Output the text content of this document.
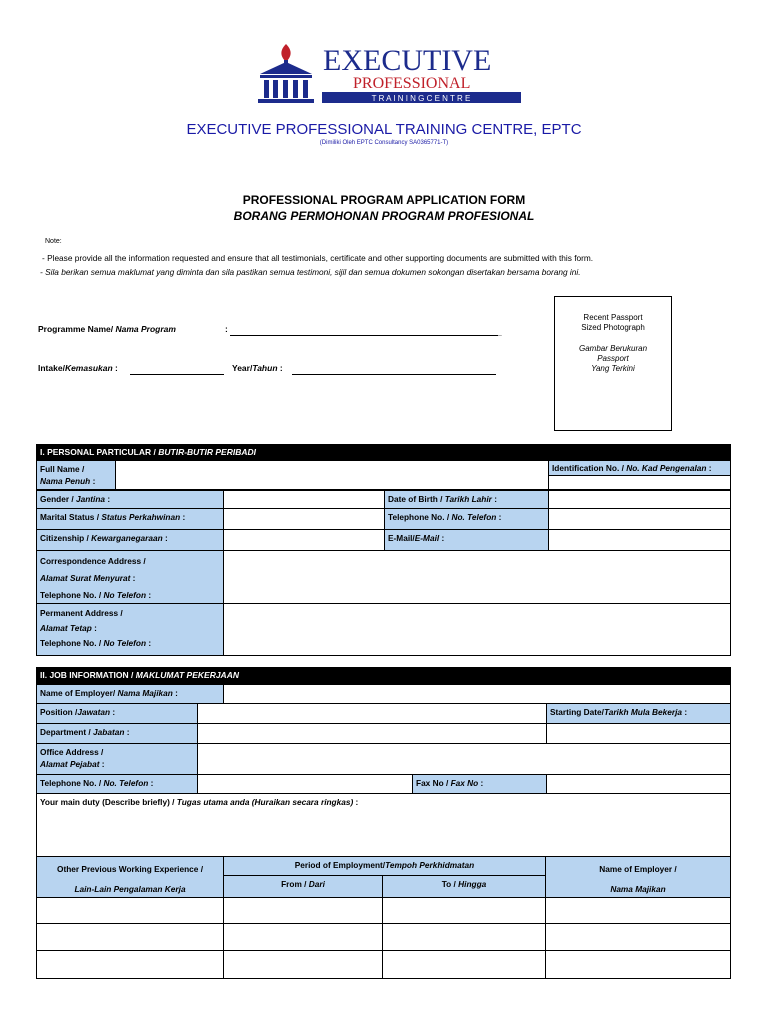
EXECUTIVE
PROFESSIONAL
T R A I N I N G C E N T R E
EXECUTIVE PROFESSIONAL TRAINING CENTRE, EPTC
(Dimiliki Oleh EPTC Consultancy SA0365771-T)
PROFESSIONAL PROGRAM APPLICATION FORM
BORANG PERMOHONAN PROGRAM PROFESIONAL
Note:
- Please provide all the information requested and ensure that all testimonials, certificate and other supporting documents are submitted with this form.
- Sila berikan semua maklumat yang diminta dan sila pastikan semua testimoni, sijil dan semua dokumen sokongan disertakan bersama borang ini.
Programme Name/ Nama Program	:	_
Intake/Kemasukan :	Year/Tahun :
Recent Passport
Sized Photograph
Gambar Berukuran
Passport
Yang Terkini
I. PERSONAL PARTICULAR / BUTIR-BUTIR PERIBADI
Full Name /
Nama Penuh :
Identification No. / No. Kad Pengenalan :
Gender / Jantina :	Date of Birth / Tarikh Lahir :
Marital Status / Status Perkahwinan :	Telephone No. / No. Telefon :
Citizenship / Kewarganegaraan :	E-Mail/E-Mail :
Correspondence Address /
Alamat Surat Menyurat :
Telephone No. / No Telefon :
Permanent Address /
Alamat Tetap :
Telephone No. / No Telefon :
II. JOB INFORMATION / MAKLUMAT PEKERJAAN
Name of Employer/ Nama Majikan :
Position /Jawatan :	Starting Date/Tarikh Mula Bekerja :
Department / Jabatan :
Office Address /
Alamat Pejabat :
Telephone No. / No. Telefon :	Fax No / Fax No :
Your main duty (Describe briefly) / Tugas utama anda (Huraikan secara ringkas) :
Other Previous Working Experience /
Lain-Lain Pengalaman Kerja
Period of Employment/Tempoh Perkhidmatan
From / Dari	To / Hingga
Name of Employer /
Nama Majikan
